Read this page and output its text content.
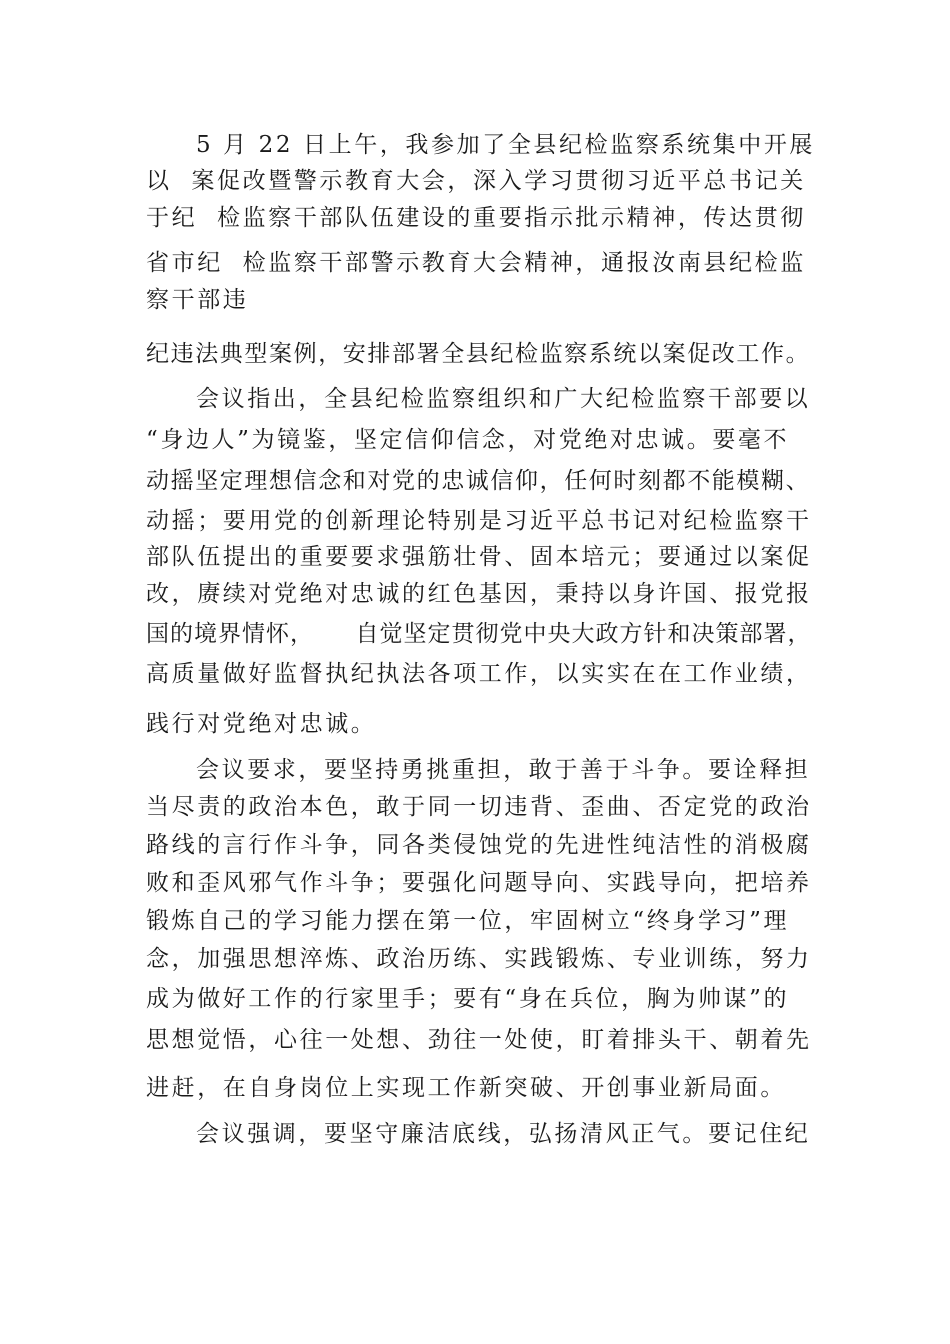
5 月 22 日上午，我参加了全县纪检监察系统集中开展

以  案促改暨警示教育大会，深入学习贯彻习近平总书记关

于纪  检监察干部队伍建设的重要指示批示精神，传达贯彻

省市纪  检监察干部警示教育大会精神，通报汝南县纪检监

察干部违

纪违法典型案例，安排部署全县纪检监察系统以案促改工作。

会议指出，全县纪检监察组织和广大纪检监察干部要以

“身边人”为镜鉴，坚定信仰信念，对党绝对忠诚。要毫不

动摇坚定理想信念和对党的忠诚信仰，任何时刻都不能模糊、

动摇；要用党的创新理论特别是习近平总书记对纪检监察干

部队伍提出的重要要求强筋壮骨、固本培元；要通过以案促

改，赓续对党绝对忠诚的红色基因，秉持以身许国、报党报

国的境界情怀，     自觉坚定贯彻党中央大政方针和决策部署，

高质量做好监督执纪执法各项工作，以实实在在工作业绩，

践行对党绝对忠诚。

会议要求，要坚持勇挑重担，敢于善于斗争。要诠释担

当尽责的政治本色，敢于同一切违背、歪曲、否定党的政治

路线的言行作斗争，同各类侵蚀党的先进性纯洁性的消极腐

败和歪风邪气作斗争；要强化问题导向、实践导向，把培养

锻炼自己的学习能力摆在第一位，牢固树立“终身学习”理

念，加强思想淬炼、政治历练、实践锻炼、专业训练，努力

成为做好工作的行家里手；要有“身在兵位，胸为帅谋”的

思想觉悟，心往一处想、劲往一处使，盯着排头干、朝着先

进赶，在自身岗位上实现工作新突破、开创事业新局面。

会议强调，要坚守廉洁底线，弘扬清风正气。要记住纪
